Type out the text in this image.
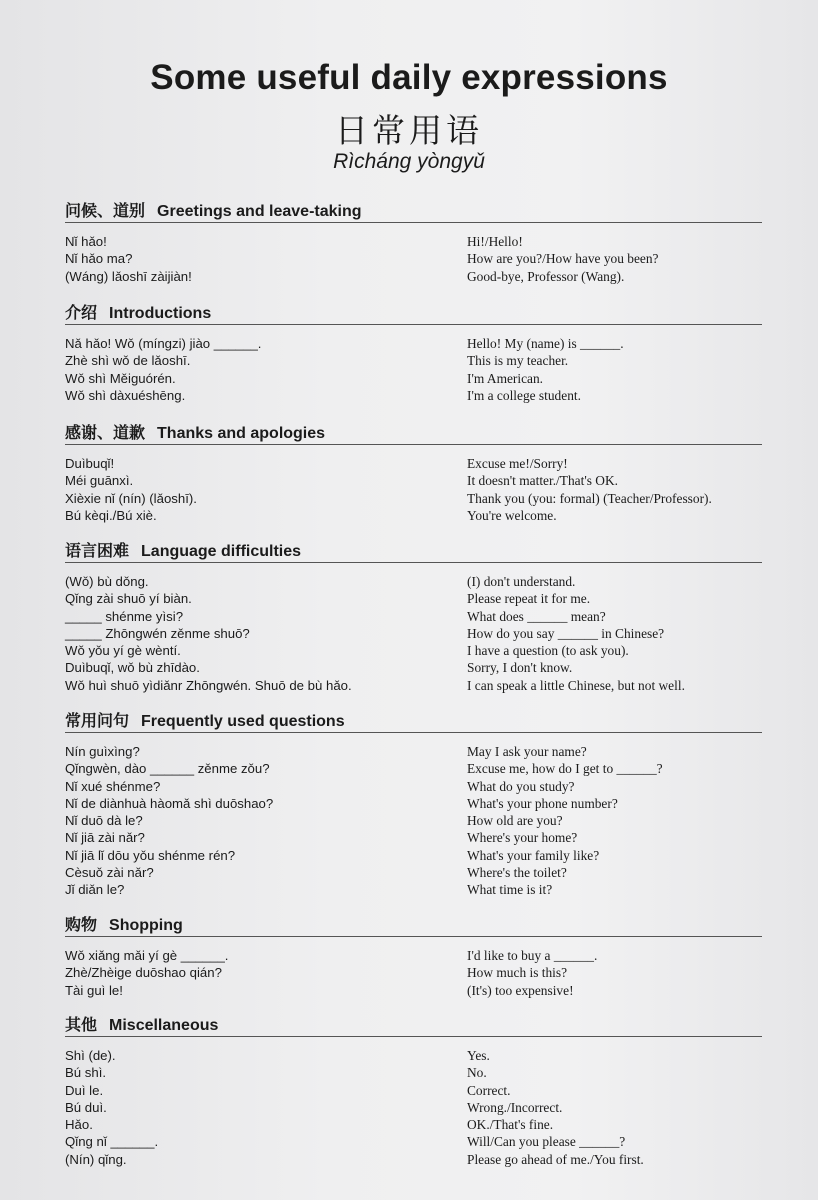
Some useful daily expressions
日常用语
Rìcháng yòngyǔ
问候、道别 Greetings and leave-taking
Nǐ hǎo!	Hi!/Hello!
Nǐ hǎo ma?	How are you?/How have you been?
(Wáng) lǎoshī zàijiàn!	Good-bye, Professor (Wang).
介绍 Introductions
Nǎ hǎo! Wǒ (míngzi) jiào ______.	Hello! My (name) is ______.
Zhè shì wǒ de lǎoshī.	This is my teacher.
Wǒ shì Měiguórén.	I'm American.
Wǒ shì dàxuéshēng.	I'm a college student.
感谢、道歉 Thanks and apologies
Duìbuqǐ!	Excuse me!/Sorry!
Méi guānxì.	It doesn't matter./That's OK.
Xièxie nǐ (nín) (lǎoshī).	Thank you (you: formal) (Teacher/Professor).
Bú kèqi./Bú xiè.	You're welcome.
语言困难 Language difficulties
(Wǒ) bù dǒng.	(I) don't understand.
Qǐng zài shuō yí biàn.	Please repeat it for me.
_____ shénme yìsi?	What does ______ mean?
_____ Zhōngwén zěnme shuō?	How do you say ______ in Chinese?
Wǒ yǒu yí gè wèntí.	I have a question (to ask you).
Duìbuqǐ, wǒ bù zhīdào.	Sorry, I don't know.
Wǒ huì shuō yìdiǎnr Zhōngwén. Shuō de bù hǎo.	I can speak a little Chinese, but not well.
常用问句 Frequently used questions
Nín guìxìng?	May I ask your name?
Qǐngwèn, dào ______ zěnme zǒu?	Excuse me, how do I get to ______?
Nǐ xué shénme?	What do you study?
Nǐ de diànhuà hàomǎ shì duōshao?	What's your phone number?
Nǐ duō dà le?	How old are you?
Nǐ jiā zài nǎr?	Where's your home?
Nǐ jiā lǐ dōu yǒu shénme rén?	What's your family like?
Cèsuǒ zài nǎr?	Where's the toilet?
Jǐ diǎn le?	What time is it?
购物 Shopping
Wǒ xiǎng mǎi yí gè ______.	I'd like to buy a ______.
Zhè/Zhèige duōshao qián?	How much is this?
Tài guì le!	(It's) too expensive!
其他 Miscellaneous
Shì (de).	Yes.
Bú shì.	No.
Duì le.	Correct.
Bú duì.	Wrong./Incorrect.
Hǎo.	OK./That's fine.
Qǐng nǐ ______.	Will/Can you please ______?
(Nín) qǐng.	Please go ahead of me./You first.
